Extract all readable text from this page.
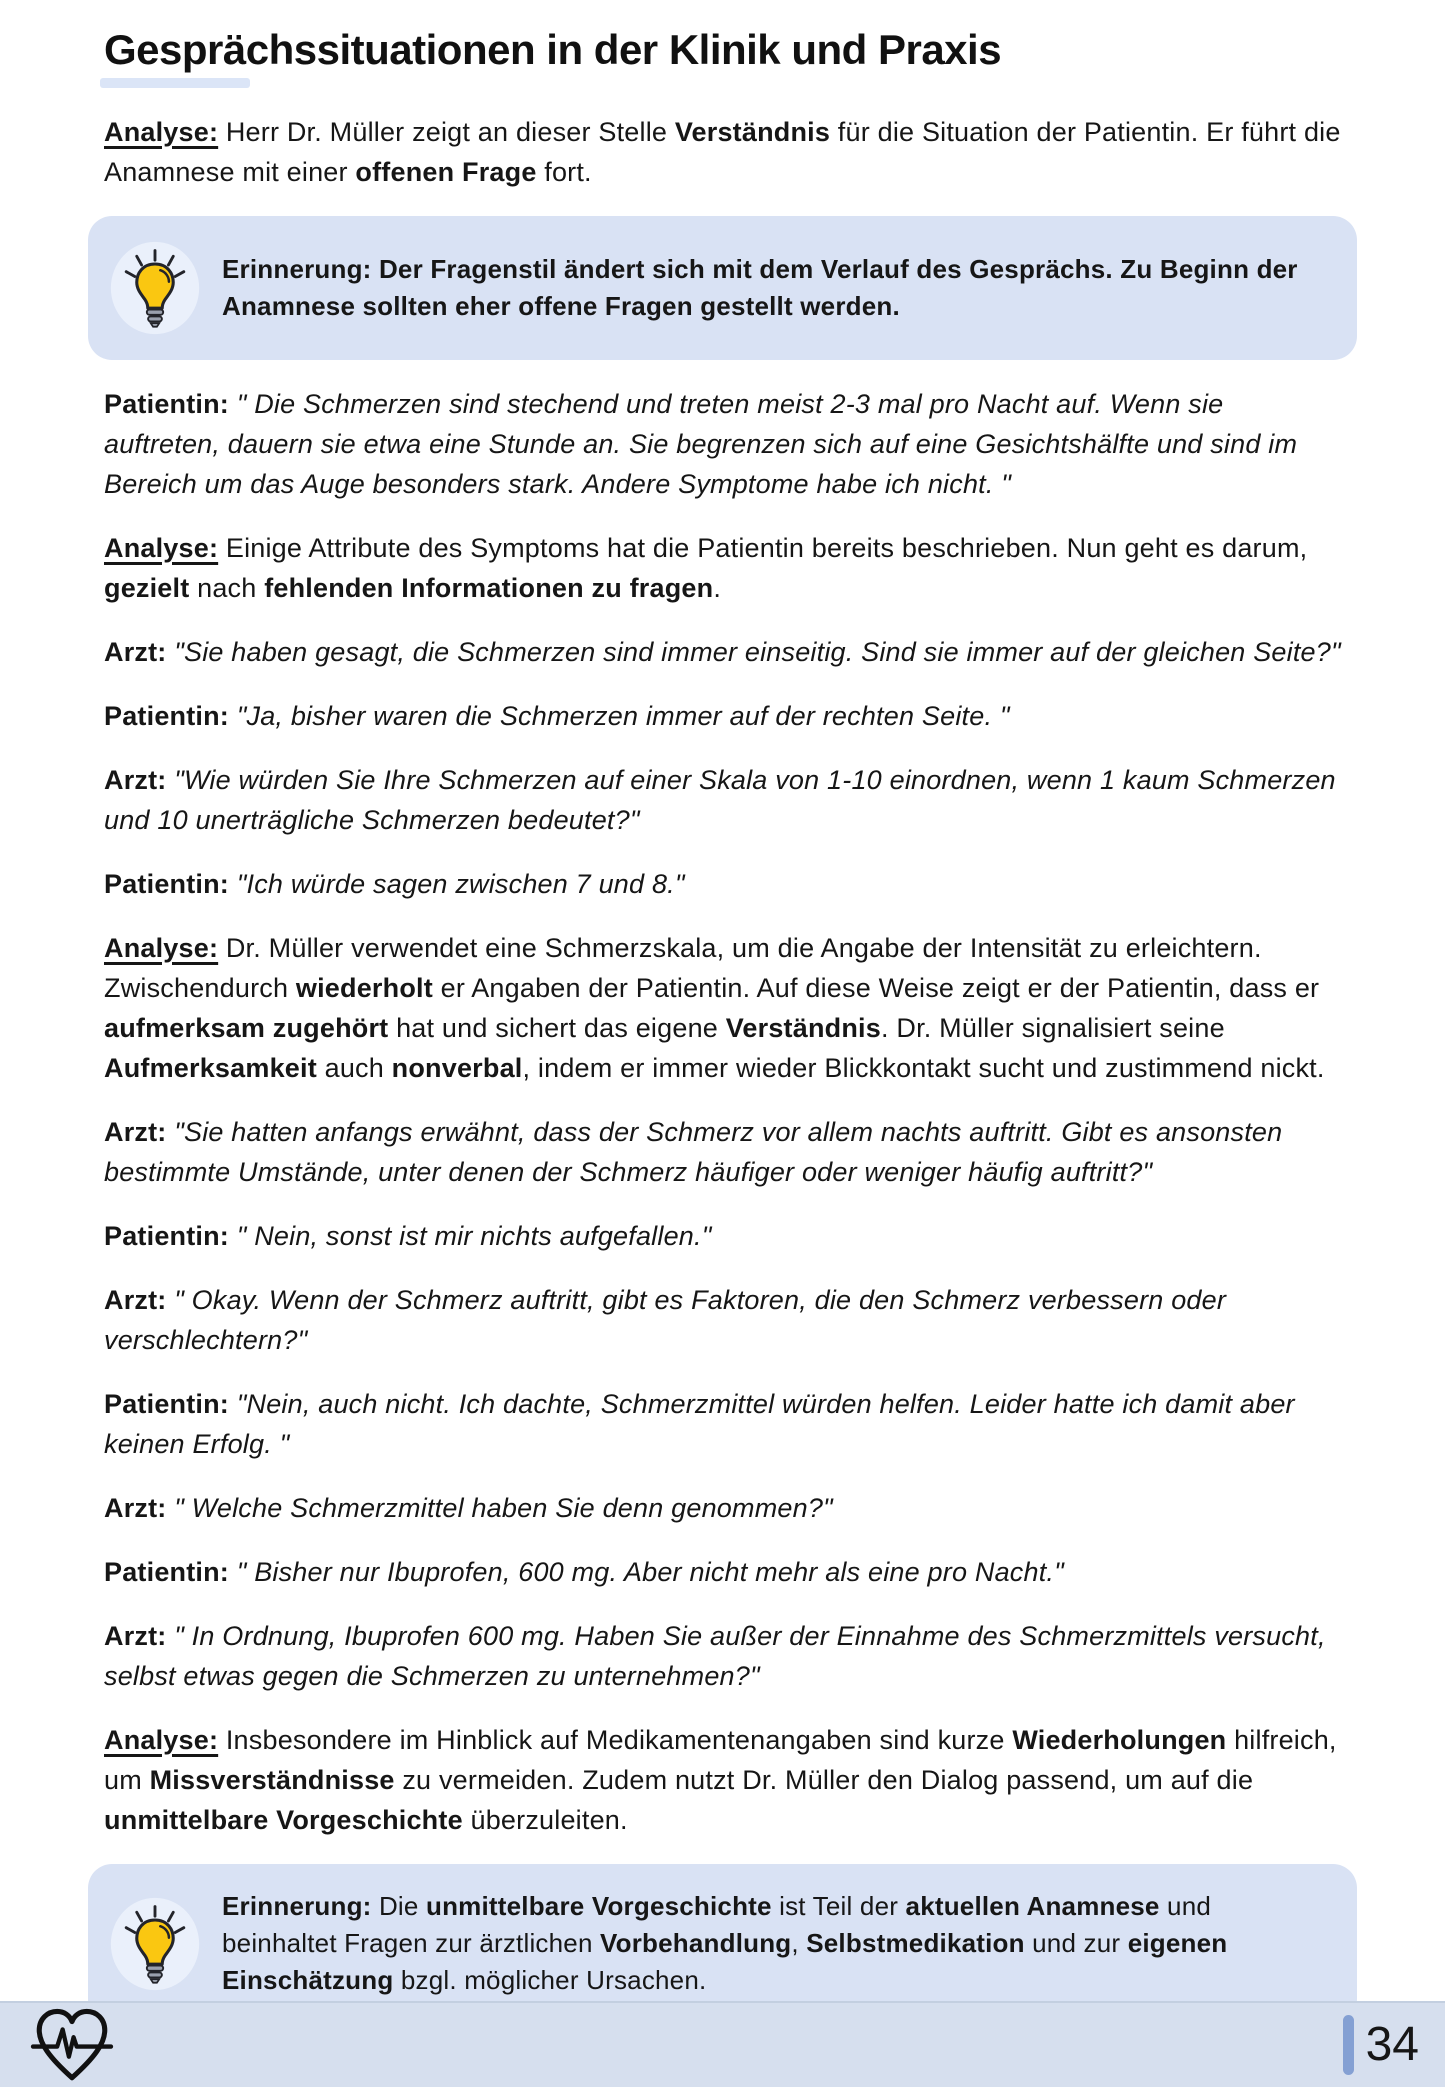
Gesprächssituationen in der Klinik und Praxis

Analyse: Herr Dr. Müller zeigt an dieser Stelle Verständnis für die Situation der Patientin. Er führt die Anamnese mit einer offenen Frage fort.

Erinnerung: Der Fragenstil ändert sich mit dem Verlauf des Gesprächs. Zu Beginn der Anamnese sollten eher offene Fragen gestellt werden.

Patientin: " Die Schmerzen sind stechend und treten meist 2-3 mal pro Nacht auf. Wenn sie auftreten, dauern sie etwa eine Stunde an. Sie begrenzen sich auf eine Gesichtshälfte und sind im Bereich um das Auge besonders stark. Andere Symptome habe ich nicht. "

Analyse: Einige Attribute des Symptoms hat die Patientin bereits beschrieben. Nun geht es darum, gezielt nach fehlenden Informationen zu fragen.

Arzt: "Sie haben gesagt, die Schmerzen sind immer einseitig. Sind sie immer auf der gleichen Seite?"

Patientin: "Ja, bisher waren die Schmerzen immer auf der rechten Seite. "

Arzt: "Wie würden Sie Ihre Schmerzen auf einer Skala von 1-10 einordnen, wenn 1 kaum Schmerzen und 10 unerträgliche Schmerzen bedeutet?"

Patientin: "Ich würde sagen zwischen 7 und 8."

Analyse: Dr. Müller verwendet eine Schmerzskala, um die Angabe der Intensität zu erleichtern. Zwischendurch wiederholt er Angaben der Patientin. Auf diese Weise zeigt er der Patientin, dass er aufmerksam zugehört hat und sichert das eigene Verständnis. Dr. Müller signalisiert seine Aufmerksamkeit auch nonverbal, indem er immer wieder Blickkontakt sucht und zustimmend nickt.

Arzt: "Sie hatten anfangs erwähnt, dass der Schmerz vor allem nachts auftritt. Gibt es ansonsten bestimmte Umstände, unter denen der Schmerz häufiger oder weniger häufig auftritt?"

Patientin: " Nein, sonst ist mir nichts aufgefallen."

Arzt: " Okay. Wenn der Schmerz auftritt, gibt es Faktoren, die den Schmerz verbessern oder verschlechtern?"

Patientin: "Nein, auch nicht. Ich dachte, Schmerzmittel würden helfen. Leider hatte ich damit aber keinen Erfolg. "

Arzt: " Welche Schmerzmittel haben Sie denn genommen?"

Patientin: " Bisher nur Ibuprofen, 600 mg. Aber nicht mehr als eine pro Nacht."

Arzt: " In Ordnung, Ibuprofen 600 mg. Haben Sie außer der Einnahme des Schmerzmittels versucht, selbst etwas gegen die Schmerzen zu unternehmen?"

Analyse: Insbesondere im Hinblick auf Medikamentenangaben sind kurze Wiederholungen hilfreich, um Missverständnisse zu vermeiden. Zudem nutzt Dr. Müller den Dialog passend, um auf die unmittelbare Vorgeschichte überzuleiten.

Erinnerung: Die unmittelbare Vorgeschichte ist Teil der aktuellen Anamnese und beinhaltet Fragen zur ärztlichen Vorbehandlung, Selbstmedikation und zur eigenen Einschätzung bzgl. möglicher Ursachen.

34
